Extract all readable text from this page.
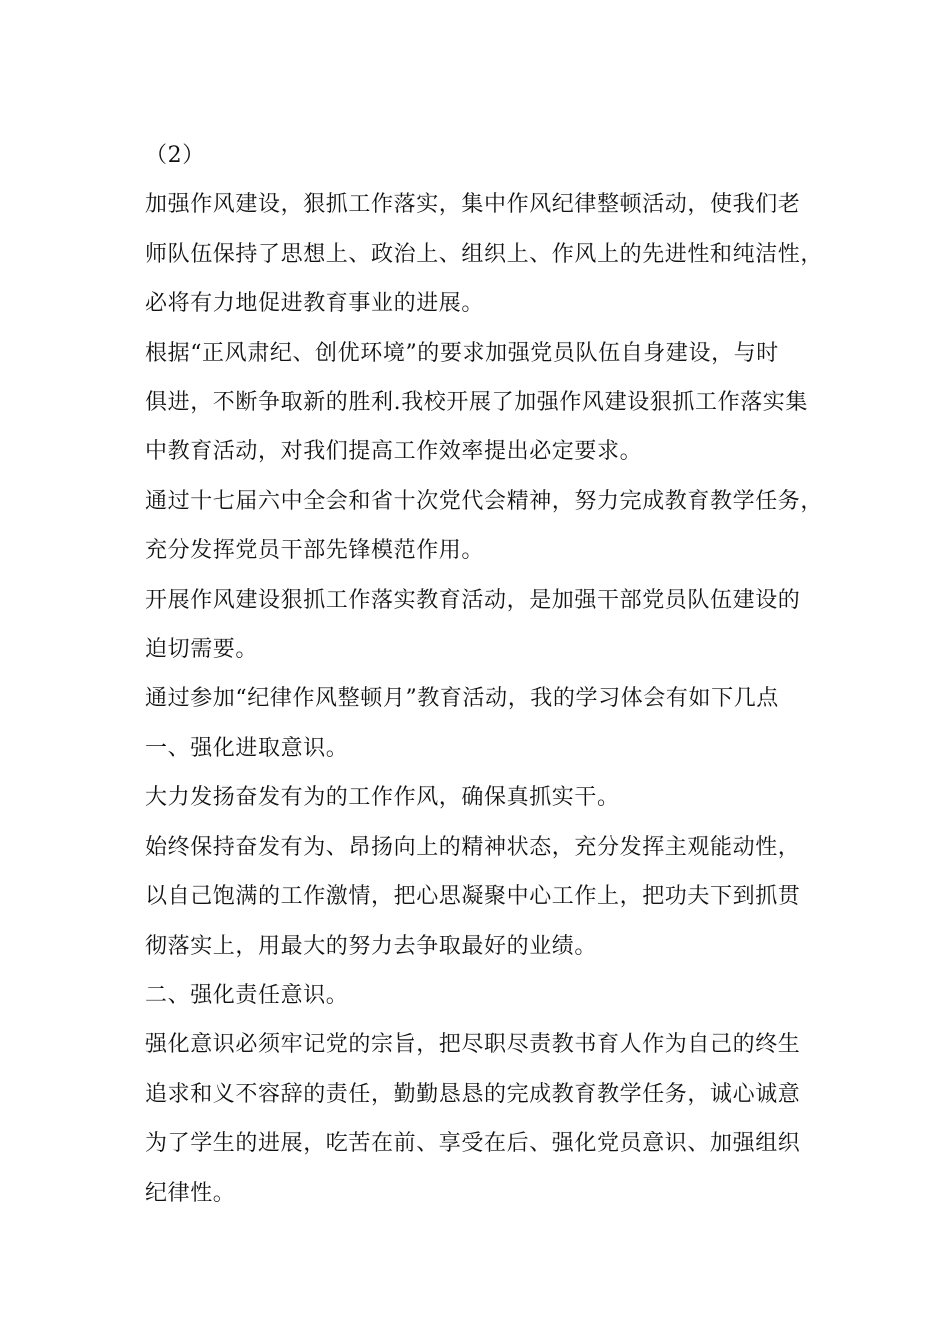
（2）

加强作风建设，狠抓工作落实，集中作风纪律整顿活动，使我们老
师队伍保持了思想上、政治上、组织上、作风上的先进性和纯洁性，
必将有力地促进教育事业的进展。

根据“正风肃纪、创优环境”的要求加强党员队伍自身建设，与时
俱进，不断争取新的胜利.我校开展了加强作风建设狠抓工作落实集
中教育活动，对我们提高工作效率提出必定要求。

通过十七届六中全会和省十次党代会精神，努力完成教育教学任务，
充分发挥党员干部先锋模范作用。

开展作风建设狠抓工作落实教育活动，是加强干部党员队伍建设的
迫切需要。

通过参加“纪律作风整顿月”教育活动，我的学习体会有如下几点

一、强化进取意识。

大力发扬奋发有为的工作作风，确保真抓实干。

始终保持奋发有为、昂扬向上的精神状态，充分发挥主观能动性，
以自己饱满的工作激情，把心思凝聚中心工作上，把功夫下到抓贯
彻落实上，用最大的努力去争取最好的业绩。

二、强化责任意识。

强化意识必须牢记党的宗旨，把尽职尽责教书育人作为自己的终生
追求和义不容辞的责任，勤勤恳恳的完成教育教学任务，诚心诚意
为了学生的进展，吃苦在前、享受在后、强化党员意识、加强组织
纪律性。
